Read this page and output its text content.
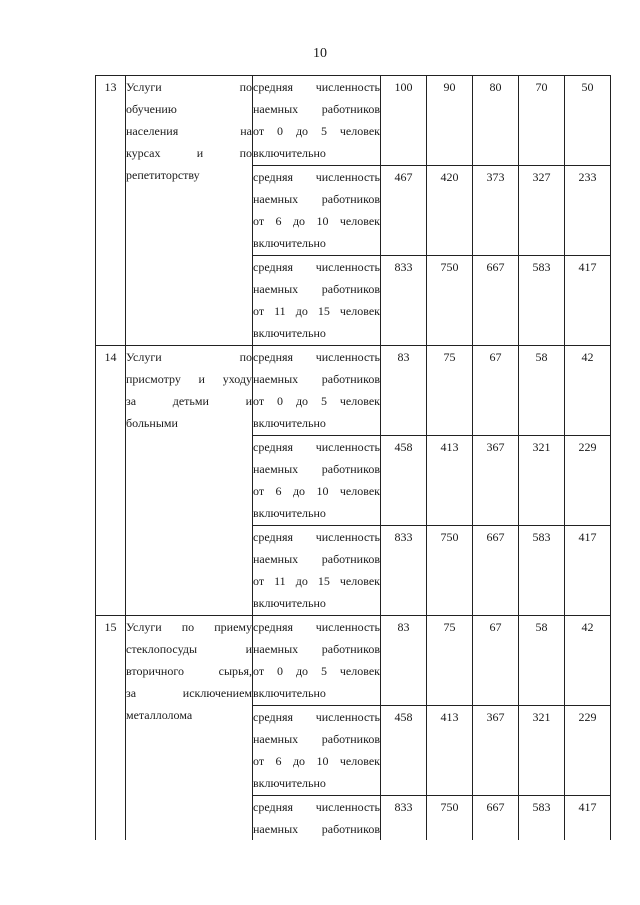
10
13	Услуги по
обучению
населения на
курсах и по
репетиторству	средняя численность
наемных работников
от 0 до 5 человек
включительно	100	90	80	70	50

		средняя численность
наемных работников
от 6 до 10 человек
включительно	467	420	373	327	233

		средняя численность
наемных работников
от 11 до 15 человек
включительно	833	750	667	583	417
14	Услуги по
присмотру и уходу
за детьми и
больными	средняя численность
наемных работников
от 0 до 5 человек
включительно	83	75	67	58	42

		средняя численность
наемных работников
от 6 до 10 человек
включительно	458	413	367	321	229

		средняя численность
наемных работников
от 11 до 15 человек
включительно	833	750	667	583	417
15	Услуги по приему
стеклопосуды и
вторичного сырья,
за исключением
металлолома	средняя численность
наемных работников
от 0 до 5 человек
включительно	83	75	67	58	42

		средняя численность
наемных работников
от 6 до 10 человек
включительно	458	413	367	321	229

		средняя численность
наемных работников	833	750	667	583	417
